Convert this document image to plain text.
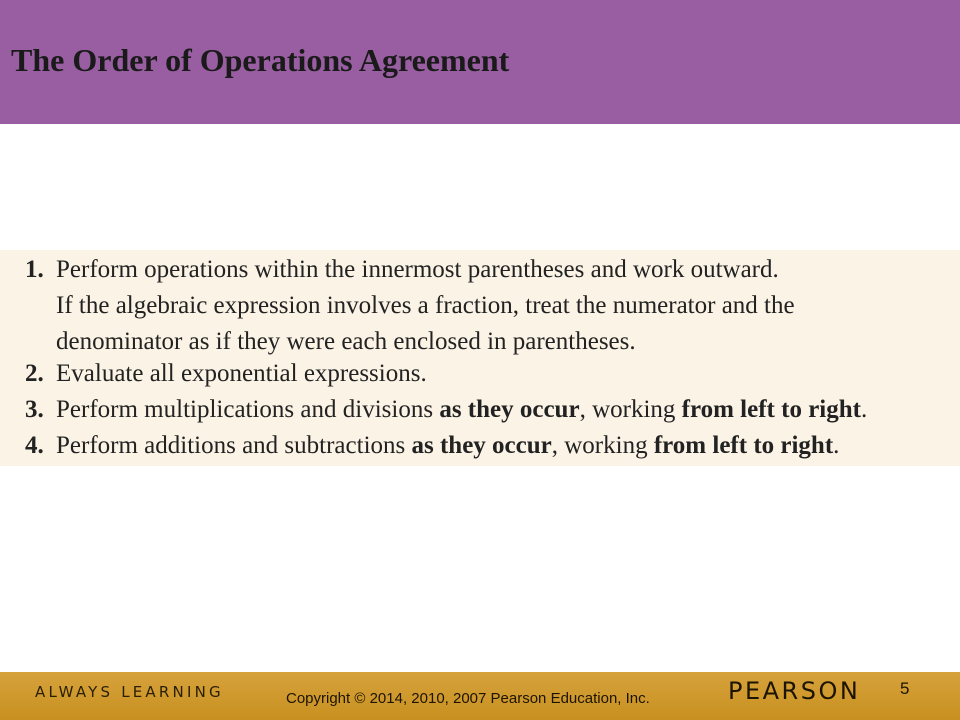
The Order of Operations Agreement
1. Perform operations within the innermost parentheses and work outward.
If the algebraic expression involves a fraction, treat the numerator and the
denominator as if they were each enclosed in parentheses.
2. Evaluate all exponential expressions.
3. Perform multiplications and divisions as they occur, working from left to right.
4. Perform additions and subtractions as they occur, working from left to right.
ALWAYS LEARNING	Copyright © 2014, 2010, 2007 Pearson Education, Inc.	PEARSON 5
